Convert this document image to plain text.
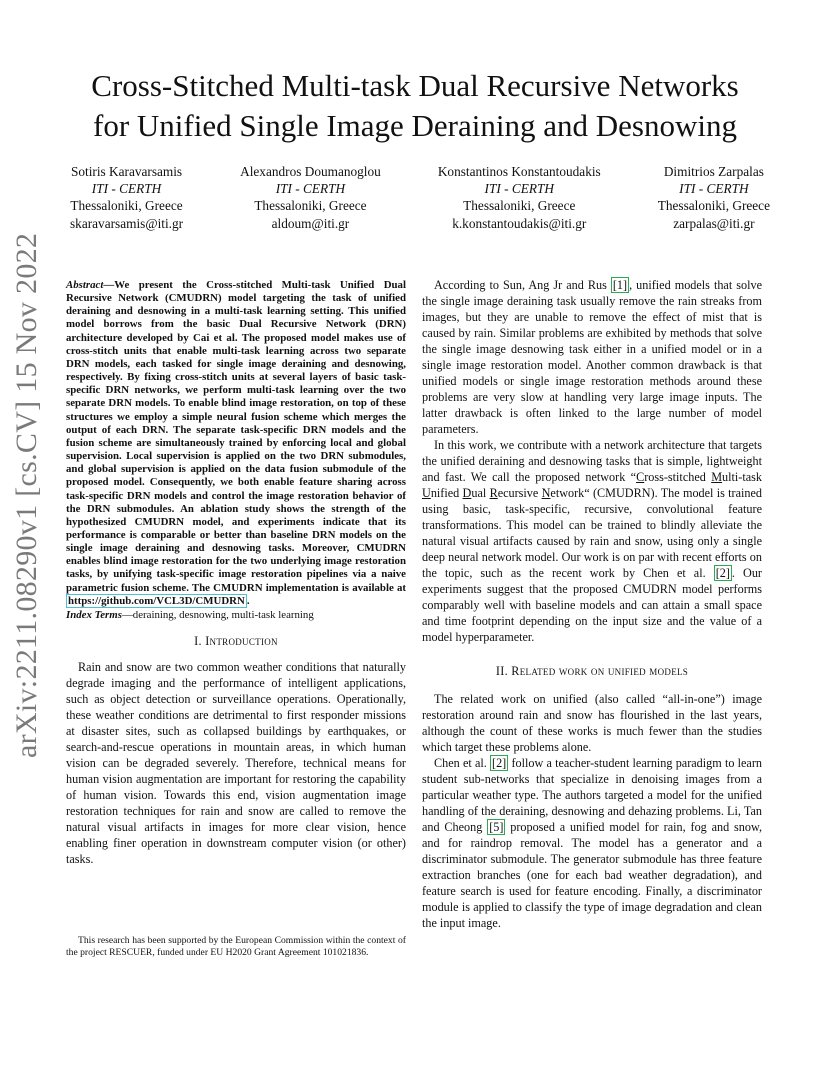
arXiv:2211.08290v1 [cs.CV] 15 Nov 2022
Cross-Stitched Multi-task Dual Recursive Networks
for Unified Single Image Deraining and Desnowing
Sotiris Karavarsamis
ITI - CERTH
Thessaloniki, Greece
skaravarsamis@iti.gr
Alexandros Doumanoglou
ITI - CERTH
Thessaloniki, Greece
aldoum@iti.gr
Konstantinos Konstantoudakis
ITI - CERTH
Thessaloniki, Greece
k.konstantoudakis@iti.gr
Dimitrios Zarpalas
ITI - CERTH
Thessaloniki, Greece
zarpalas@iti.gr
Abstract—We present the Cross-stitched Multi-task Unified Dual Recursive Network (CMUDRN) model targeting the task of unified deraining and desnowing in a multi-task learning setting. This unified model borrows from the basic Dual Recursive Network (DRN) architecture developed by Cai et al. The proposed model makes use of cross-stitch units that enable multi-task learning across two separate DRN models, each tasked for single image deraining and desnowing, respectively. By fixing cross-stitch units at several layers of basic task-specific DRN networks, we perform multi-task learning over the two separate DRN models. To enable blind image restoration, on top of these structures we employ a simple neural fusion scheme which merges the output of each DRN. The separate task-specific DRN models and the fusion scheme are simultaneously trained by enforcing local and global supervision. Local supervision is applied on the two DRN submodules, and global supervision is applied on the data fusion submodule of the proposed model. Consequently, we both enable feature sharing across task-specific DRN models and control the image restoration behavior of the DRN submodules. An ablation study shows the strength of the hypothesized CMUDRN model, and experiments indicate that its performance is comparable or better than baseline DRN models on the single image deraining and desnowing tasks. Moreover, CMUDRN enables blind image restoration for the two underlying image restoration tasks, by unifying task-specific image restoration pipelines via a naive parametric fusion scheme. The CMUDRN implementation is available at https://github.com/VCL3D/CMUDRN .
Index Terms—deraining, desnowing, multi-task learning
I. Introduction

Rain and snow are two common weather conditions that naturally degrade imaging and the performance of intelligent applications, such as object detection or surveillance operations. Operationally, these weather conditions are detrimental to first responder missions at disaster sites, such as collapsed buildings by earthquakes, or search-and-rescue operations in mountain areas, in which human vision can be degraded severely. Therefore, technical means for human vision augmentation are important for restoring the capability of human vision. Towards this end, vision augmentation image restoration techniques for rain and snow are called to remove the natural visual artifacts in images for more clear vision, hence enabling finer operation in downstream computer vision (or other) tasks.

This research has been supported by the European Commission within the context of the project RESCUER, funded under EU H2020 Grant Agreement 101021836.

According to Sun, Ang Jr and Rus [1] , unified models that solve the single image deraining task usually remove the rain streaks from images, but they are unable to remove the effect of mist that is caused by rain. Similar problems are exhibited by methods that solve the single image desnowing task either in a unified model or in a single image restoration model. Another common drawback is that unified models or single image restoration methods around these problems are very slow at handling very large image inputs. The latter drawback is often linked to the large number of model parameters.

In this work, we contribute with a network architecture that targets the unified deraining and desnowing tasks that is simple, lightweight and fast. We call the proposed network “Cross-stitched Multi-task Unified Dual Recursive Network“ (CMUDRN). The model is trained using basic, task-specific, recursive, convolutional feature transformations. This model can be trained to blindly alleviate the natural visual artifacts caused by rain and snow, using only a single deep neural network model. Our work is on par with recent efforts on the topic, such as the recent work by Chen et al. [2] . Our experiments suggest that the proposed CMUDRN model performs comparably well with baseline models and can attain a small space and time footprint depending on the input size and the value of a model hyperparameter.

II. Related work on unified models

The related work on unified (also called “all-in-one”) image restoration around rain and snow has flourished in the last years, although the count of these works is much fewer than the studies which target these problems alone.

Chen et al. [2] follow a teacher-student learning paradigm to learn student sub-networks that specialize in denoising images from a particular weather type. The authors targeted a model for the unified handling of the deraining, desnowing and dehazing problems. Li, Tan and Cheong [5] proposed a unified model for rain, fog and snow, and for raindrop removal. The model has a generator and a discriminator submodule. The generator submodule has three feature extraction branches (one for each bad weather degradation), and feature search is used for feature encoding. Finally, a discriminator module is applied to classify the type of image degradation and clean the input image.
